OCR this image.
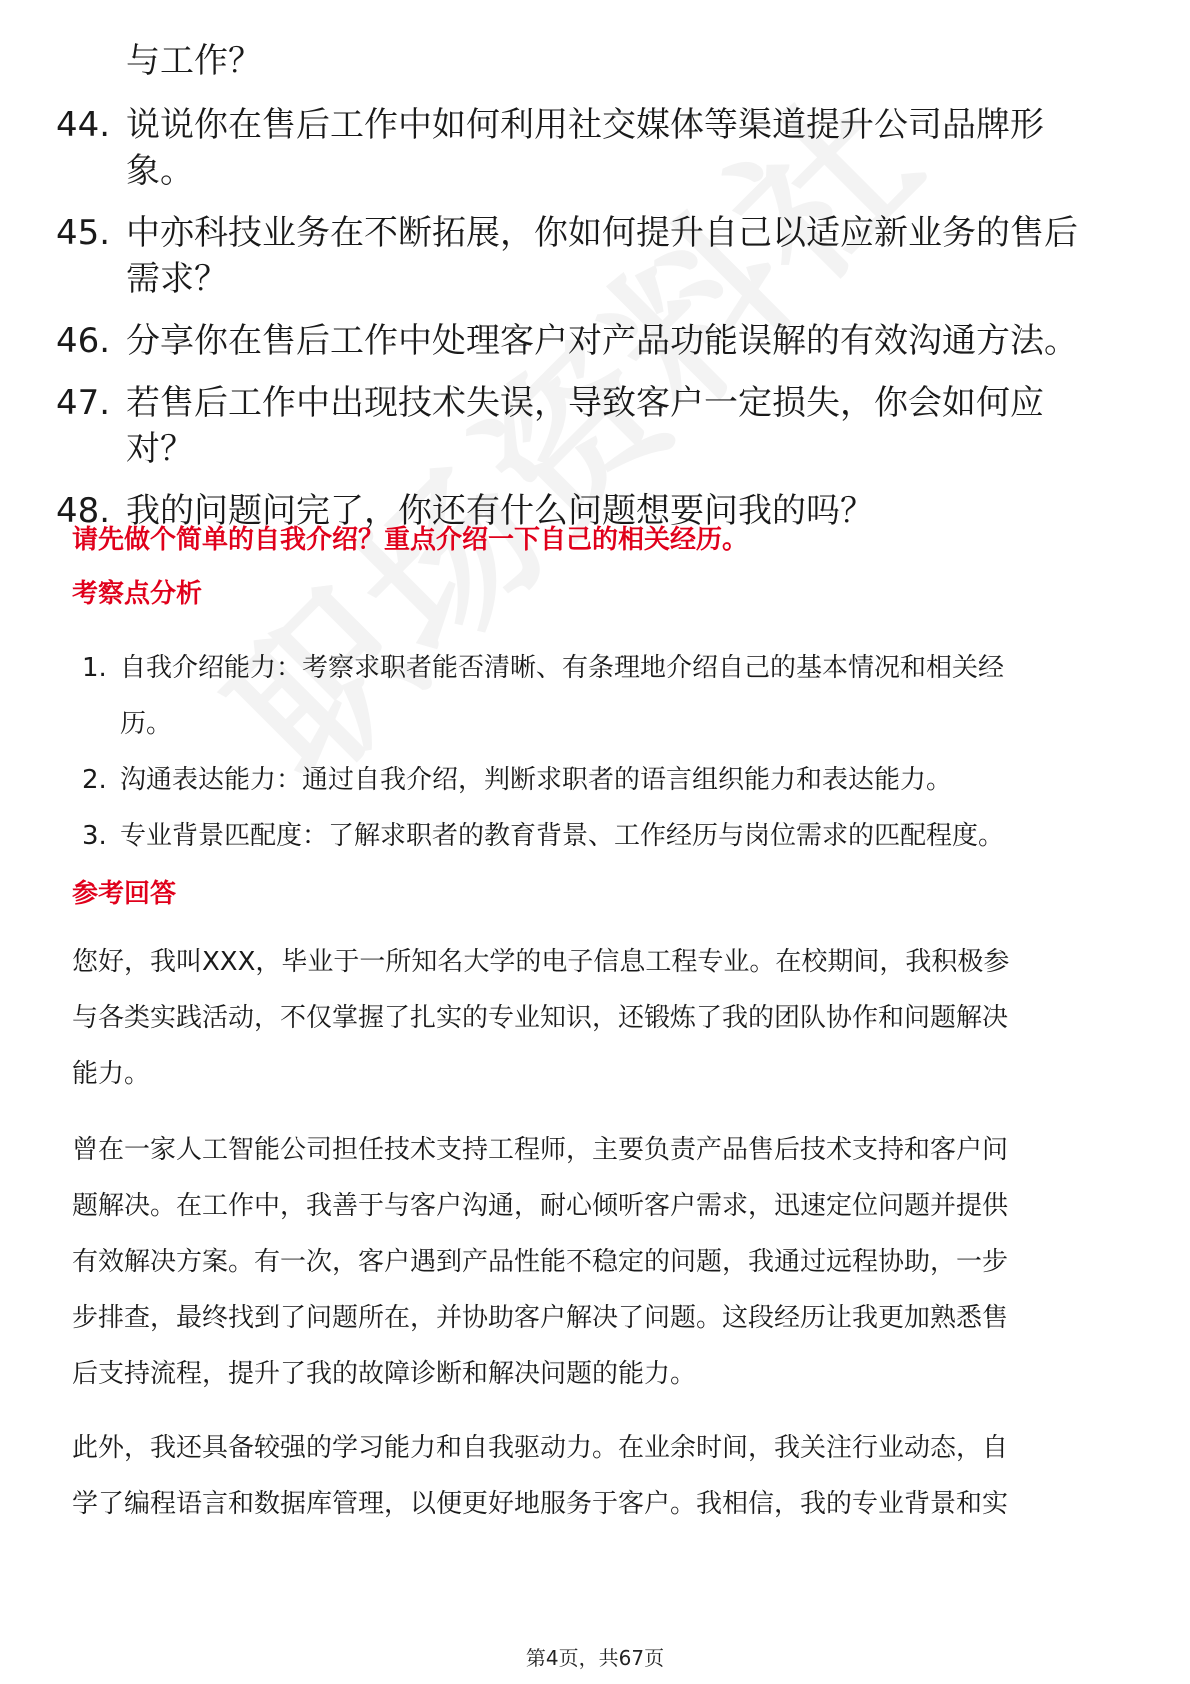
与工作？
44. 说说你在售后工作中如何利用社交媒体等渠道提升公司品牌形
象。
45. 中亦科技业务在不断拓展，你如何提升自己以适应新业务的售后
需求？
46. 分享你在售后工作中处理客户对产品功能误解的有效沟通方法。
47. 若售后工作中出现技术失误，导致客户一定损失，你会如何应
对？
48. 我的问题问完了，你还有什么问题想要问我的吗？
请先做个简单的自我介绍？重点介绍一下自己的相关经历。
考察点分析
1. 自我介绍能力：考察求职者能否清晰、有条理地介绍自己的基本情况和相关经
历。
2. 沟通表达能力：通过自我介绍，判断求职者的语言组织能力和表达能力。
3. 专业背景匹配度：了解求职者的教育背景、工作经历与岗位需求的匹配程度。
参考回答
您好，我叫XXX，毕业于一所知名大学的电子信息工程专业。在校期间，我积极参
与各类实践活动，不仅掌握了扎实的专业知识，还锻炼了我的团队协作和问题解决
能力。
曾在一家人工智能公司担任技术支持工程师，主要负责产品售后技术支持和客户问
题解决。在工作中，我善于与客户沟通，耐心倾听客户需求，迅速定位问题并提供
有效解决方案。有一次，客户遇到产品性能不稳定的问题，我通过远程协助，一步
步排查，最终找到了问题所在，并协助客户解决了问题。这段经历让我更加熟悉售
后支持流程，提升了我的故障诊断和解决问题的能力。
此外，我还具备较强的学习能力和自我驱动力。在业余时间，我关注行业动态，自
学了编程语言和数据库管理，以便更好地服务于客户。我相信，我的专业背景和实
第4页，共67页
